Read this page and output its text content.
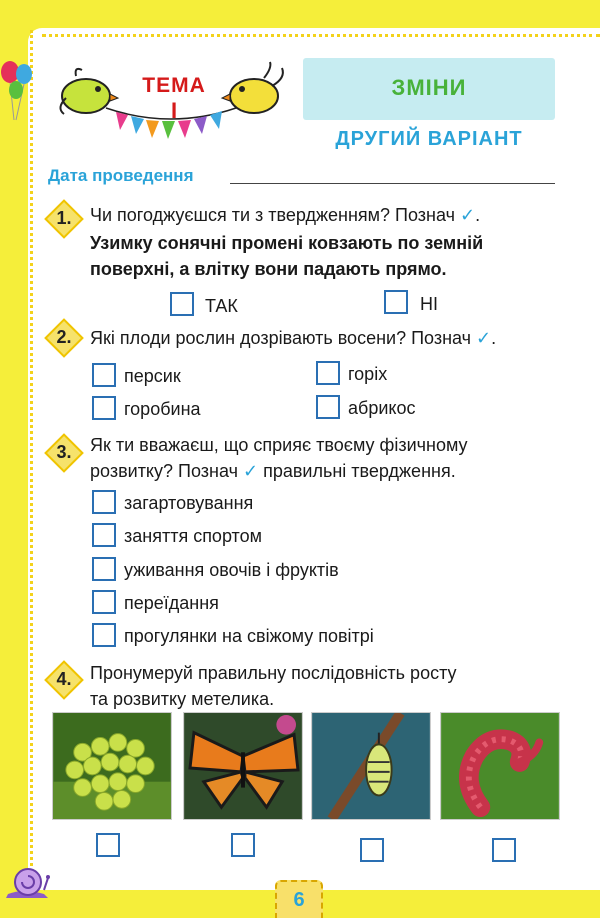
ТЕМА
I
ЗМІНИ
ДРУГИЙ ВАРІАНТ
Дата проведення
1.	Чи погоджуєшся ти з твердженням? Познач ✓.
Узимку сонячні промені ковзають по земній
поверхні, а влітку вони падають прямо.
ТАК	НІ
2.	Які плоди рослин дозрівають восени? Познач ✓.
персик	горіх
горобина	абрикос
3.	Як ти вважаєш, що сприяє твоєму фізичному
розвитку? Познач ✓ правильні твердження.
загартовування
заняття спортом
уживання овочів і фруктів
переїдання
прогулянки на свіжому повітрі
4.	Пронумеруй правильну послідовність росту
та розвитку метелика.
6
